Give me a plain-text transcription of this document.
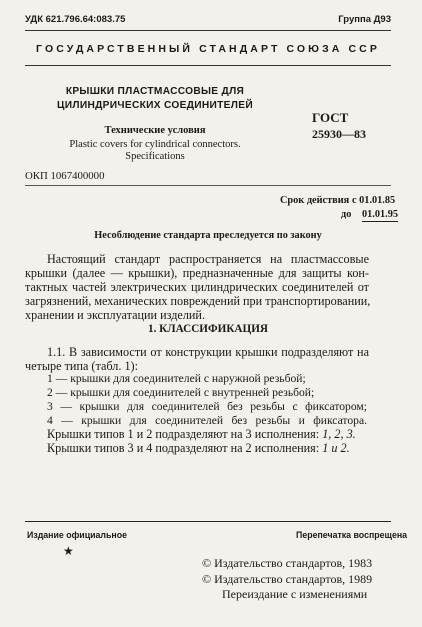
УДК 621.796.64:083.75	Группа Д93
ГОСУДАРСТВЕННЫЙ СТАНДАРТ СОЮЗА ССР
КРЫШКИ ПЛАСТМАССОВЫЕ ДЛЯ
ЦИЛИНДРИЧЕСКИХ СОЕДИНИТЕЛЕЙ
Технические условия
Plastic covers for cylindrical connectors.
Specifications
ГОСТ
25930—83
ОКП 1067400000
Срок действия с 01.01.85
до 01.01.95
Несоблюдение стандарта преследуется по закону
Настоящий стандарт распространяется на пластмассовые
крышки (далее — крышки), предназначенные для защиты кон-
тактных частей электрических цилиндрических соединителей от
загрязнений, механических повреждений при транспортировании,
хранении и эксплуатации изделий.
1. КЛАССИФИКАЦИЯ
1.1. В зависимости от конструкции крышки подразделяют на
четыре типа (табл. 1):
1 — крышки для соединителей с наружной резьбой;
2 — крышки для соединителей с внутренней резьбой;
3 — крышки для соединителей без резьбы с фиксатором;
4 — крышки для соединителей без резьбы и фиксатора.
Крышки типов 1 и 2 подразделяют на 3 исполнения: 1, 2, 3.
Крышки типов 3 и 4 подразделяют на 2 исполнения: 1 и 2.
Издание официальное
★
Перепечатка воспрещена
© Издательство стандартов, 1983
© Издательство стандартов, 1989
Переиздание с изменениями
